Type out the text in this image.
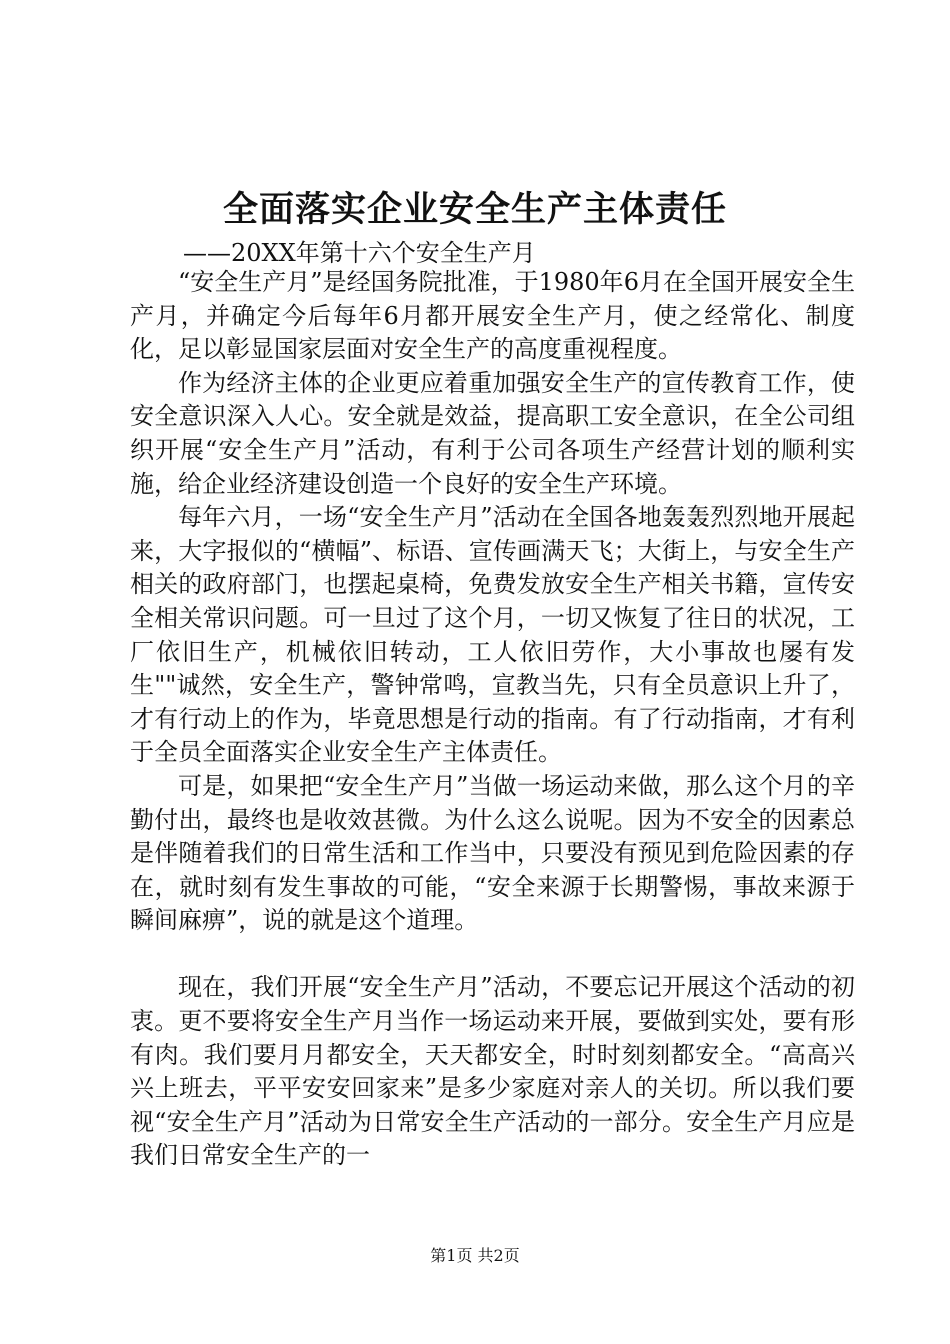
全面落实企业安全生产主体责任

——20XX年第十六个安全生产月

“安全生产月”是经国务院批准，于1980年6月在全国开展安全生产月，并确定今后每年6月都开展安全生产月，使之经常化、制度化，足以彰显国家层面对安全生产的高度重视程度。

作为经济主体的企业更应着重加强安全生产的宣传教育工作，使安全意识深入人心。安全就是效益，提高职工安全意识，在全公司组织开展“安全生产月”活动，有利于公司各项生产经营计划的顺利实施，给企业经济建设创造一个良好的安全生产环境。

每年六月，一场“安全生产月”活动在全国各地轰轰烈烈地开展起来，大字报似的“横幅”、标语、宣传画满天飞；大街上，与安全生产相关的政府部门，也摆起桌椅，免费发放安全生产相关书籍，宣传安全相关常识问题。可一旦过了这个月，一切又恢复了往日的状况，工厂依旧生产，机械依旧转动，工人依旧劳作，大小事故也屡有发生""诚然，安全生产，警钟常鸣，宣教当先，只有全员意识上升了，才有行动上的作为，毕竟思想是行动的指南。有了行动指南，才有利于全员全面落实企业安全生产主体责任。

可是，如果把“安全生产月”当做一场运动来做，那么这个月的辛勤付出，最终也是收效甚微。为什么这么说呢。因为不安全的因素总是伴随着我们的日常生活和工作当中，只要没有预见到危险因素的存在，就时刻有发生事故的可能，“安全来源于长期警惕，事故来源于瞬间麻痹”，说的就是这个道理。

现在，我们开展“安全生产月”活动，不要忘记开展这个活动的初衷。更不要将安全生产月当作一场运动来开展，要做到实处，要有形有肉。我们要月月都安全，天天都安全，时时刻刻都安全。“高高兴兴上班去，平平安安回家来”是多少家庭对亲人的关切。所以我们要视“安全生产月”活动为日常安全生产活动的一部分。安全生产月应是我们日常安全生产的一

第1页 共2页
